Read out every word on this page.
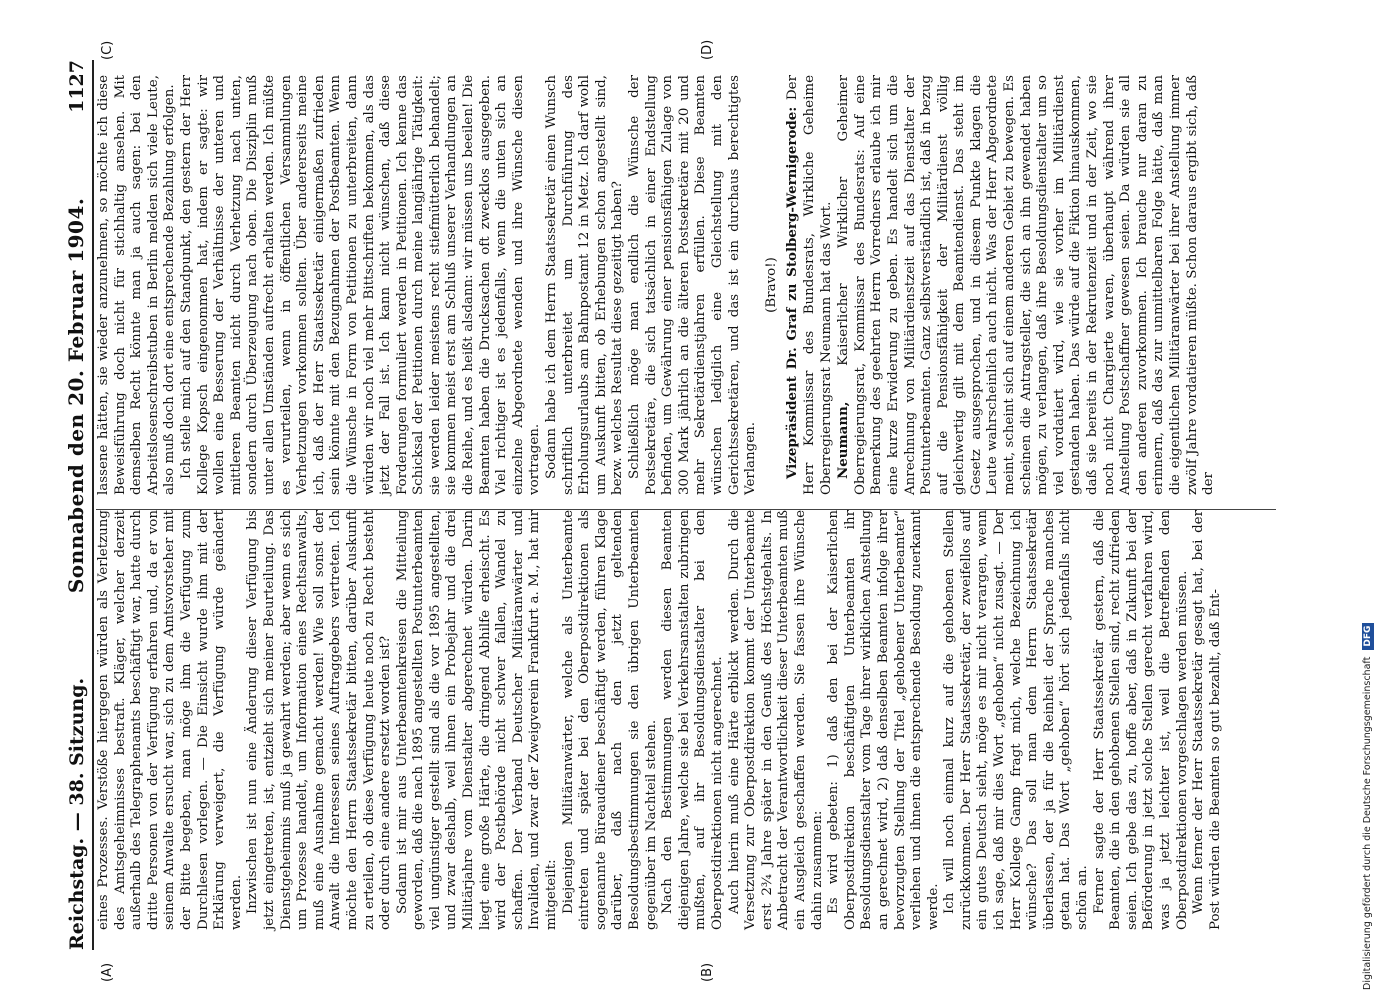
Reichstag. — 38. Sitzung.
Sonnabend den 20. Februar 1904.
1127
(A)	(B)
(C)	(D)

eines Prozesses. Verstöße hiergegen würden als Verletzung des Amtsgeheimnisses bestraft. Kläger, welcher derzeit außerhalb des Telegraphenamts beschäftigt war, hatte durch dritte Personen von der Verfügung erfahren und, da er von seinem Anwalte ersucht war, sich zu dem Amtsvorsteher mit der Bitte begeben, man möge ihm die Verfügung zum Durchlesen vorlegen. — Die Einsicht wurde ihm mit der Erklärung verweigert, die Verfügung würde geändert werden. Inzwischen ist nun eine Änderung dieser Verfügung bis jetzt eingetreten, ist, entzieht sich meiner Beurteilung. Das Dienstgeheimnis muß ja gewahrt werden; aber wenn es sich um Prozesse handelt, um Information eines Rechtsanwalts, muß eine Ausnahme gemacht werden! Wie soll sonst der Anwalt die Interessen seines Auftraggebers vertreten. Ich möchte den Herrn Staatssekretär bitten, darüber Auskunft zu erteilen, ob diese Verfügung heute noch zu Recht besteht oder durch eine andere ersetzt worden ist? Sodann ist mir aus Unterbeamtenkreisen die Mitteilung geworden, daß die nach 1895 angestellten Postunterbeamten viel ungünstiger gestellt sind als die vor 1895 angestellten, und zwar deshalb, weil ihnen ein Probejahr und die drei Militärjahre vom Dienstalter abgerechnet würden. Darin liegt eine große Härte, die dringend Abhilfe erheischt. Es wird der Postbehörde nicht schwer fallen, Wandel zu schaffen. Der Verband Deutscher Militäranwärter und Invaliden, und zwar der Zweigverein Frankfurt a. M., hat mir mitgeteilt: Diejenigen Militäranwärter, welche als Unterbeamte eintreten und später bei den Oberpostdirektionen als sogenannte Büreaudiener beschäftigt werden, führen Klage darüber, daß nach den jetzt geltenden Besoldungsbestimmungen sie den übrigen Unterbeamten gegenüber im Nachteil stehen. Nach den Bestimmungen werden diesen Beamten diejenigen Jahre, welche sie bei Verkehrsanstalten zubringen mußten, auf ihr Besoldungsdienstalter bei den Oberpostdirektionen nicht angerechnet. Auch hierin muß eine Härte erblickt werden. Durch die Versetzung zur Oberpostdirektion kommt der Unterbeamte erst 2¾ Jahre später in den Genuß des Höchstgehalts. In Anbetracht der Verantwortlichkeit dieser Unterbeamten muß ein Ausgleich geschaffen werden. Sie fassen ihre Wünsche dahin zusammen: Es wird gebeten: 1) daß den bei der Kaiserlichen Oberpostdirektion beschäftigten Unterbeamten ihr Besoldungsdienstalter vom Tage ihrer wirklichen Anstellung an gerechnet wird, 2) daß denselben Beamten infolge ihrer bevorzugten Stellung der Titel „gehobener Unterbeamter“ verliehen und ihnen die entsprechende Besoldung zuerkannt werde. Ich will noch einmal kurz auf die gehobenen Stellen zurückkommen. Der Herr Staatssekretär, der zweifellos auf ein gutes Deutsch sieht, möge es mir nicht verargen, wenn ich sage, daß mir dies Wort „gehoben“ nicht zusagt. — Der Herr Kollege Gamp fragt mich, welche Bezeichnung ich wünsche? Das soll man dem Herrn Staatssekretär überlassen, der ja für die Reinheit der Sprache manches getan hat. Das Wort „gehoben“ hört sich jedenfalls nicht schön an. Ferner sagte der Herr Staatssekretär gestern, daß die Beamten, die in den gehobenen Stellen sind, recht zufrieden seien. Ich gebe das zu, hoffe aber, daß in Zukunft bei der Beförderung in jetzt solche Stellen gerecht verfahren wird, was ja jetzt leichter ist, weil die Betreffenden den Oberpostdirektionen vorgeschlagen werden müssen. Wenn ferner der Herr Staatssekretär gesagt hat, bei der Post würden die Beamten so gut bezahlt, daß Ent-

lassene hätten, sie wieder anzunehmen, so möchte ich diese Beweisführung doch nicht für stichhaltig ansehen. Mit demselben Recht könnte man ja auch sagen: bei den Arbeitslosenschreibstuben in Berlin melden sich viele Leute, also muß doch dort eine entsprechende Bezahlung erfolgen. Ich stelle mich auf den Standpunkt, den gestern der Herr Kollege Kopsch eingenommen hat, indem er sagte: wir wollen eine Besserung der Verhältnisse der unteren und mittleren Beamten nicht durch Verhetzung nach unten, sondern durch Überzeugung nach oben. Die Disziplin muß unter allen Umständen aufrecht erhalten werden. Ich müßte es verurteilen, wenn in öffentlichen Versammlungen Verhetzungen vorkommen sollten. Über andererseits meine ich, daß der Herr Staatssekretär einigermaßen zufrieden sein könnte mit den Bezugnahmen der Postbeamten. Wenn die Wünsche in Form von Petitionen zu unterbreiten, dann würden wir noch viel mehr Bittschriften bekommen, als das jetzt der Fall ist. Ich kann nicht wünschen, daß diese Forderungen formuliert werden in Petitionen. Ich kenne das Schicksal der Petitionen durch meine langjährige Tätigkeit: sie werden leider meistens recht stiefmütterlich behandelt; sie kommen meist erst am Schluß unserer Verhandlungen an die Reihe, und es heißt alsdann: wir müssen uns beeilen! Die Beamten haben die Drucksachen oft zwecklos ausgegeben. Viel richtiger ist es jedenfalls, wenn die unten sich an einzelne Abgeordnete wenden und ihre Wünsche diesen vortragen. Sodann habe ich dem Herrn Staatssekretär einen Wunsch schriftlich unterbreitet um Durchführung des Erholungsurlaubs am Bahnpostamt 12 in Metz. Ich darf wohl um Auskunft bitten, ob Erhebungen schon angestellt sind, bezw. welches Resultat diese gezeitigt haben? Schließlich möge man endlich die Wünsche der Postsekretäre, die sich tatsächlich in einer Endstellung befinden, um Gewährung einer pensionsfähigen Zulage von 300 Mark jährlich an die älteren Postsekretäre mit 20 und mehr Sekretärdienstjahren erfüllen. Diese Beamten wünschen lediglich eine Gleichstellung mit den Gerichtssekretären, und das ist ein durchaus berechtigtes Verlangen.

(Bravo!) Vizepräsident Dr. Graf zu Stolberg-Wernigerode: Der Herr Kommissar des Bundesrats, Wirkliche Geheime Oberregierungsrat Neumann hat das Wort. Neumann, Kaiserlicher Wirklicher Geheimer Oberregierungsrat, Kommissar des Bundesrats: Auf eine Bemerkung des geehrten Herrn Vorredners erlaube ich mir eine kurze Erwiderung zu geben. Es handelt sich um die Anrechnung von Militärdienstzeit auf das Dienstalter der Postunterbeamten. Ganz selbstverständlich ist, daß in bezug auf die Pensionsfähigkeit der Militärdienst völlig gleichwertig gilt mit dem Beamtendienst. Das steht im Gesetz ausgesprochen, und in diesem Punkte klagen die Leute wahrscheinlich auch nicht. Was der Herr Abgeordnete meint, scheint sich auf einem anderen Gebiet zu bewegen. Es scheinen die Antragsteller, die sich an ihn gewendet haben mögen, zu verlangen, daß ihre Besoldungsdienstalter um so viel vordatiert wird, wie sie vorher im Militärdienst gestanden haben. Das würde auf die Fiktion hinauskommen, daß sie bereits in der Rekrutenzeit und in der Zeit, wo sie noch nicht Chargierte waren, überhaupt während ihrer Anstellung Postschaffner gewesen seien. Da würden sie all den anderen zuvorkommen. Ich brauche nur daran zu erinnern, daß das zur unmittelbaren Folge hätte, daß man die eigentlichen Militäranwärter bei ihrer Anstellung immer zwölf Jahre vordatieren müßte. Schon daraus ergibt sich, daß der

Digitalisierung gefördert durch die Deutsche Forschungsgemeinschaft DFG
